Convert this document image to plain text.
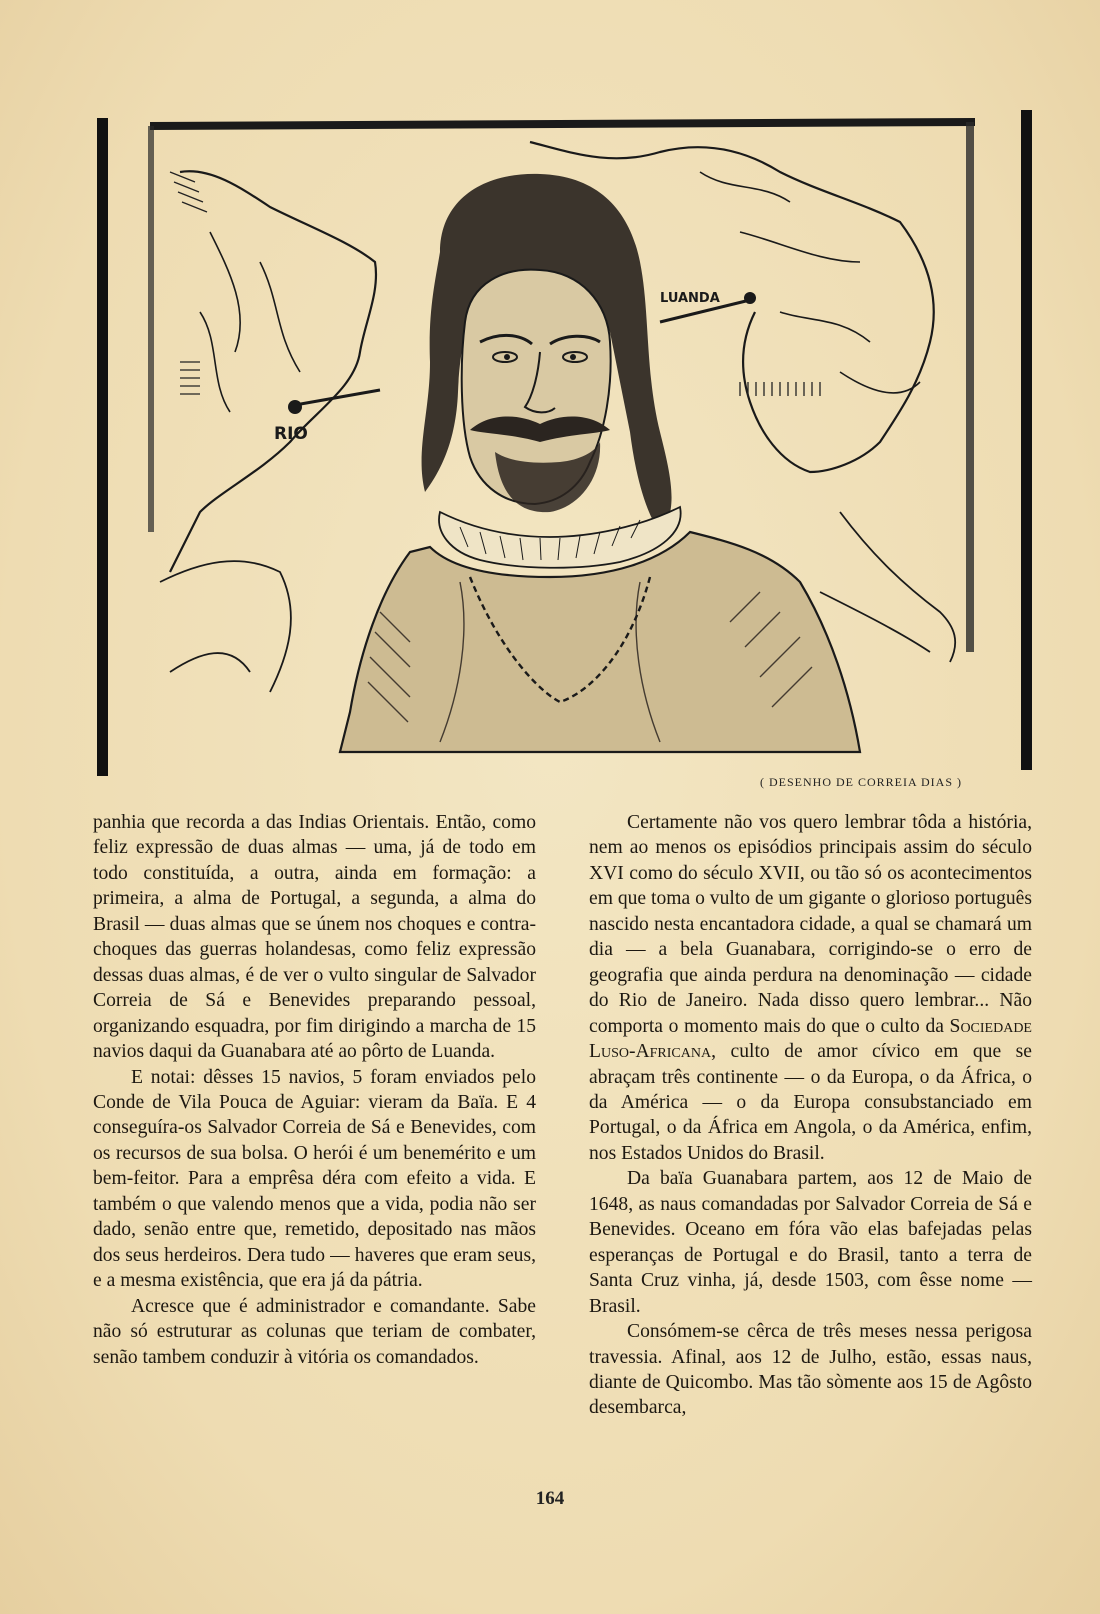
RIO
LUANDA
( DESENHO DE CORREIA DIAS )

panhia que recorda a das Indias Orientais. Então, como feliz expressão de duas almas — uma, já de todo em todo constituída, a outra, ainda em formação: a primeira, a alma de Portugal, a segunda, a alma do Brasil — duas almas que se únem nos choques e contra-choques das guerras holandesas, como feliz expressão dessas duas almas, é de ver o vulto singular de Salvador Correia de Sá e Benevides preparando pessoal, organizando esquadra, por fim dirigindo a marcha de 15 navios daqui da Guanabara até ao pôrto de Luanda.

E notai: dêsses 15 navios, 5 foram enviados pelo Conde de Vila Pouca de Aguiar: vieram da Baïa. E 4 conseguíra-os Salvador Correia de Sá e Benevides, com os recursos de sua bolsa. O herói é um benemérito e um bem-feitor. Para a emprêsa déra com efeito a vida. E também o que valendo menos que a vida, podia não ser dado, senão entre que, remetido, depositado nas mãos dos seus herdeiros. Dera tudo — haveres que eram seus, e a mesma existência, que era já da pátria.

Acresce que é administrador e comandante. Sabe não só estruturar as colunas que teriam de combater, senão tambem conduzir à vitória os comandados.

Certamente não vos quero lembrar tôda a história, nem ao menos os episódios principais assim do século XVI como do século XVII, ou tão só os acontecimentos em que toma o vulto de um gigante o glorioso português nascido nesta encantadora cidade, a qual se chamará um dia — a bela Guanabara, corrigindo-se o erro de geografia que ainda perdura na denominação — cidade do Rio de Janeiro. Nada disso quero lembrar... Não comporta o momento mais do que o culto da Sociedade Luso-Africana, culto de amor cívico em que se abraçam três continente — o da Europa, o da África, o da América — o da Europa consubstanciado em Portugal, o da África em Angola, o da América, enfim, nos Estados Unidos do Brasil.

Da baïa Guanabara partem, aos 12 de Maio de 1648, as naus comandadas por Salvador Correia de Sá e Benevides. Oceano em fóra vão elas bafejadas pelas esperanças de Portugal e do Brasil, tanto a terra de Santa Cruz vinha, já, desde 1503, com êsse nome — Brasil.

Consómem-se cêrca de três meses nessa perigosa travessia. Afinal, aos 12 de Julho, estão, essas naus, diante de Quicombo. Mas tão sòmente aos 15 de Agôsto desembarca,

164
